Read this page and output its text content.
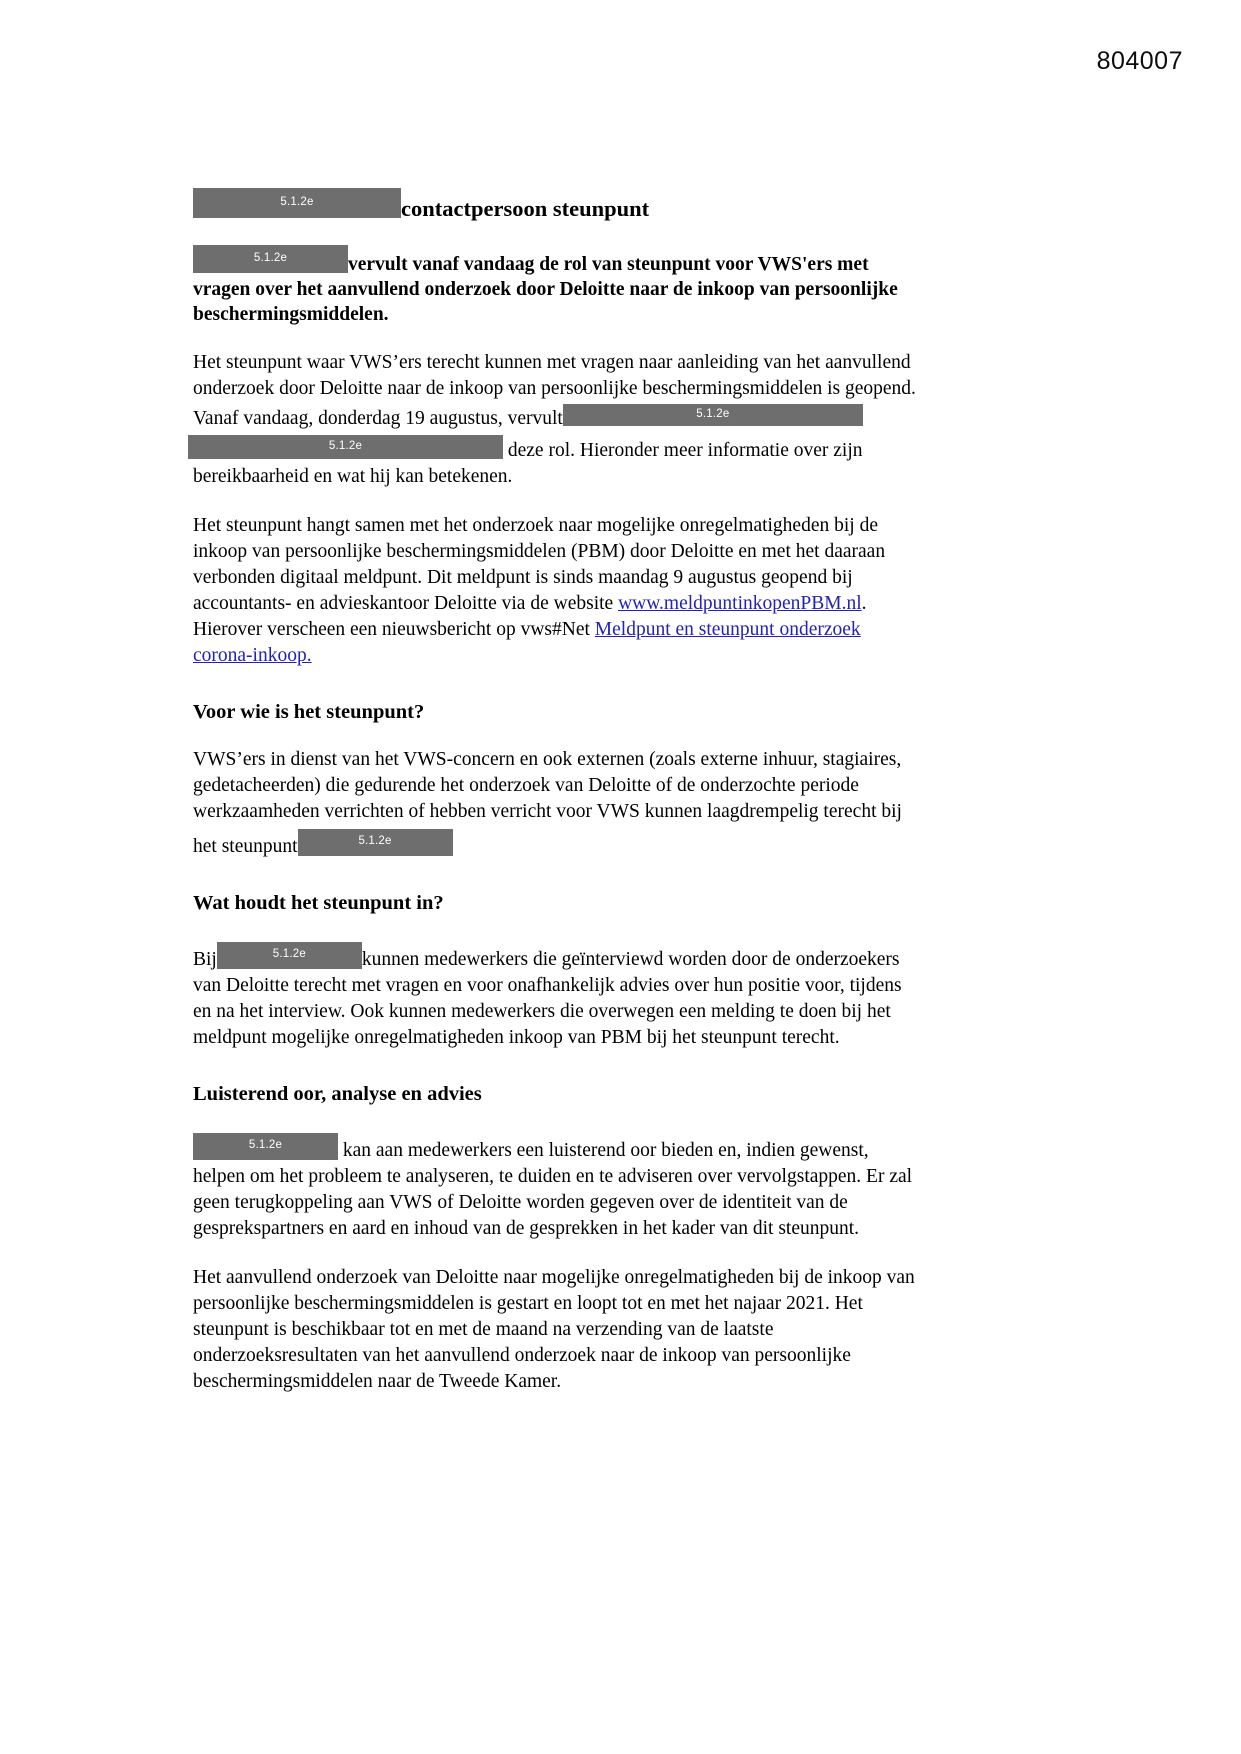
804007
5.1.2e	contactpersoon steunpunt

5.1.2e	vervult vanaf vandaag de rol van steunpunt voor VWS'ers met vragen over het aanvullend onderzoek door Deloitte naar de inkoop van persoonlijke beschermingsmiddelen.

Het steunpunt waar VWS’ers terecht kunnen met vragen naar aanleiding van het aanvullend onderzoek door Deloitte naar de inkoop van persoonlijke beschermingsmiddelen is geopend. Vanaf vandaag, donderdag 19 augustus, vervult	5.1.2e5.1.2e	deze rol. Hieronder meer informatie over zijn bereikbaarheid en wat hij kan betekenen.

Het steunpunt hangt samen met het onderzoek naar mogelijke onregelmatigheden bij de inkoop van persoonlijke beschermingsmiddelen (PBM) door Deloitte en met het daaraan verbonden digitaal meldpunt. Dit meldpunt is sinds maandag 9 augustus geopend bij accountants- en advieskantoor Deloitte via de website www.meldpuntinkopenPBM.nl. Hierover verscheen een nieuwsbericht op vws#Net Meldpunt en steunpunt onderzoek corona-inkoop.

Voor wie is het steunpunt?

VWS’ers in dienst van het VWS-concern en ook externen (zoals externe inhuur, stagiaires, gedetacheerden) die gedurende het onderzoek van Deloitte of de onderzochte periode werkzaamheden verrichten of hebben verricht voor VWS kunnen laagdrempelig terecht bij het steunpunt	5.1.2e

Wat houdt het steunpunt in?

Bij	5.1.2e	kunnen medewerkers die geïnterviewd worden door de onderzoekers van Deloitte terecht met vragen en voor onafhankelijk advies over hun positie voor, tijdens en na het interview. Ook kunnen medewerkers die overwegen een melding te doen bij het meldpunt mogelijke onregelmatigheden inkoop van PBM bij het steunpunt terecht.

Luisterend oor, analyse en advies

5.1.2e	kan aan medewerkers een luisterend oor bieden en, indien gewenst, helpen om het probleem te analyseren, te duiden en te adviseren over vervolgstappen. Er zal geen terugkoppeling aan VWS of Deloitte worden gegeven over de identiteit van de gesprekspartners en aard en inhoud van de gesprekken in het kader van dit steunpunt.

Het aanvullend onderzoek van Deloitte naar mogelijke onregelmatigheden bij de inkoop van persoonlijke beschermingsmiddelen is gestart en loopt tot en met het najaar 2021. Het steunpunt is beschikbaar tot en met de maand na verzending van de laatste onderzoeksresultaten van het aanvullend onderzoek naar de inkoop van persoonlijke beschermingsmiddelen naar de Tweede Kamer.
